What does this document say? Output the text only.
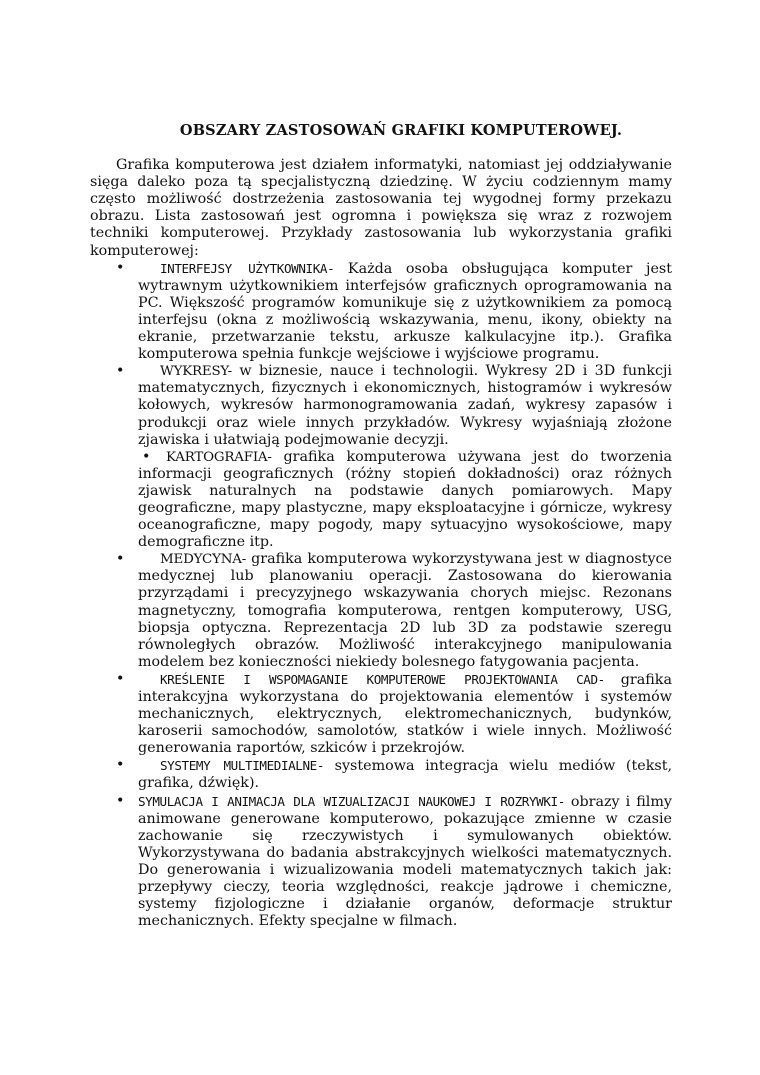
OBSZARY ZASTOSOWAŃ GRAFIKI KOMPUTEROWEJ.

Grafika komputerowa jest działem informatyki, natomiast jej oddziaływanie sięga daleko poza tą specjalistyczną dziedzinę. W życiu codziennym mamy często możliwość dostrzeżenia zastosowania tej wygodnej formy przekazu obrazu. Lista zastosowań jest ogromna i powiększa się wraz z rozwojem techniki komputerowej. Przykłady zastosowania lub wykorzystania grafiki komputerowej:

•	INTERFEJSY UŻYTKOWNIKA- Każda osoba obsługująca komputer jest wytrawnym użytkownikiem interfejsów graficznych oprogramowania na PC. Większość programów komunikuje się z użytkownikiem za pomocą interfejsu (okna z możliwością wskazywania, menu, ikony, obiekty na ekranie, przetwarzanie tekstu, arkusze kalkulacyjne itp.). Grafika komputerowa spełnia funkcje wejściowe i wyjściowe programu.
•	WYKRESY- w biznesie, nauce i technologii. Wykresy 2D i 3D funkcji matematycznych, fizycznych i ekonomicznych, histogramów i wykresów kołowych, wykresów harmonogramowania zadań, wykresy zapasów i produkcji oraz wiele innych przykładów. Wykresy wyjaśniają złożone zjawiska i ułatwiają podejmowanie decyzji.
• KARTOGRAFIA- grafika komputerowa używana jest do tworzenia informacji geograficznych (różny stopień dokładności) oraz różnych zjawisk naturalnych na podstawie danych pomiarowych. Mapy geograficzne, mapy plastyczne, mapy eksploatacyjne i górnicze, wykresy oceanograficzne, mapy pogody, mapy sytuacyjno wysokościowe, mapy demograficzne itp.
•	MEDYCYNA- grafika komputerowa wykorzystywana jest w diagnostyce medycznej lub planowaniu operacji. Zastosowana do kierowania przyrządami i precyzyjnego wskazywania chorych miejsc. Rezonans magnetyczny, tomografia komputerowa, rentgen komputerowy, USG, biopsja optyczna. Reprezentacja 2D lub 3D za podstawie szeregu równoległych obrazów. Możliwość interakcyjnego manipulowania modelem bez konieczności niekiedy bolesnego fatygowania pacjenta.
•	KREŚLENIE I WSPOMAGANIE KOMPUTEROWE PROJEKTOWANIA CAD- grafika interakcyjna wykorzystana do projektowania elementów i systemów mechanicznych, elektrycznych, elektromechanicznych, budynków, karoserii samochodów, samolotów, statków i wiele innych. Możliwość generowania raportów, szkiców i przekrojów.
•	SYSTEMY MULTIMEDIALNE- systemowa integracja wielu mediów (tekst, grafika, dźwięk).
• SYMULACJA I ANIMACJA DLA WIZUALIZACJI NAUKOWEJ I ROZRYWKI- obrazy i filmy animowane generowane komputerowo, pokazujące zmienne w czasie zachowanie się rzeczywistych i symulowanych obiektów. Wykorzystywana do badania abstrakcyjnych wielkości matematycznych. Do generowania i wizualizowania modeli matematycznych takich jak: przepływy cieczy, teoria względności, reakcje jądrowe i chemiczne, systemy fizjologiczne i działanie organów, deformacje struktur mechanicznych. Efekty specjalne w filmach.
